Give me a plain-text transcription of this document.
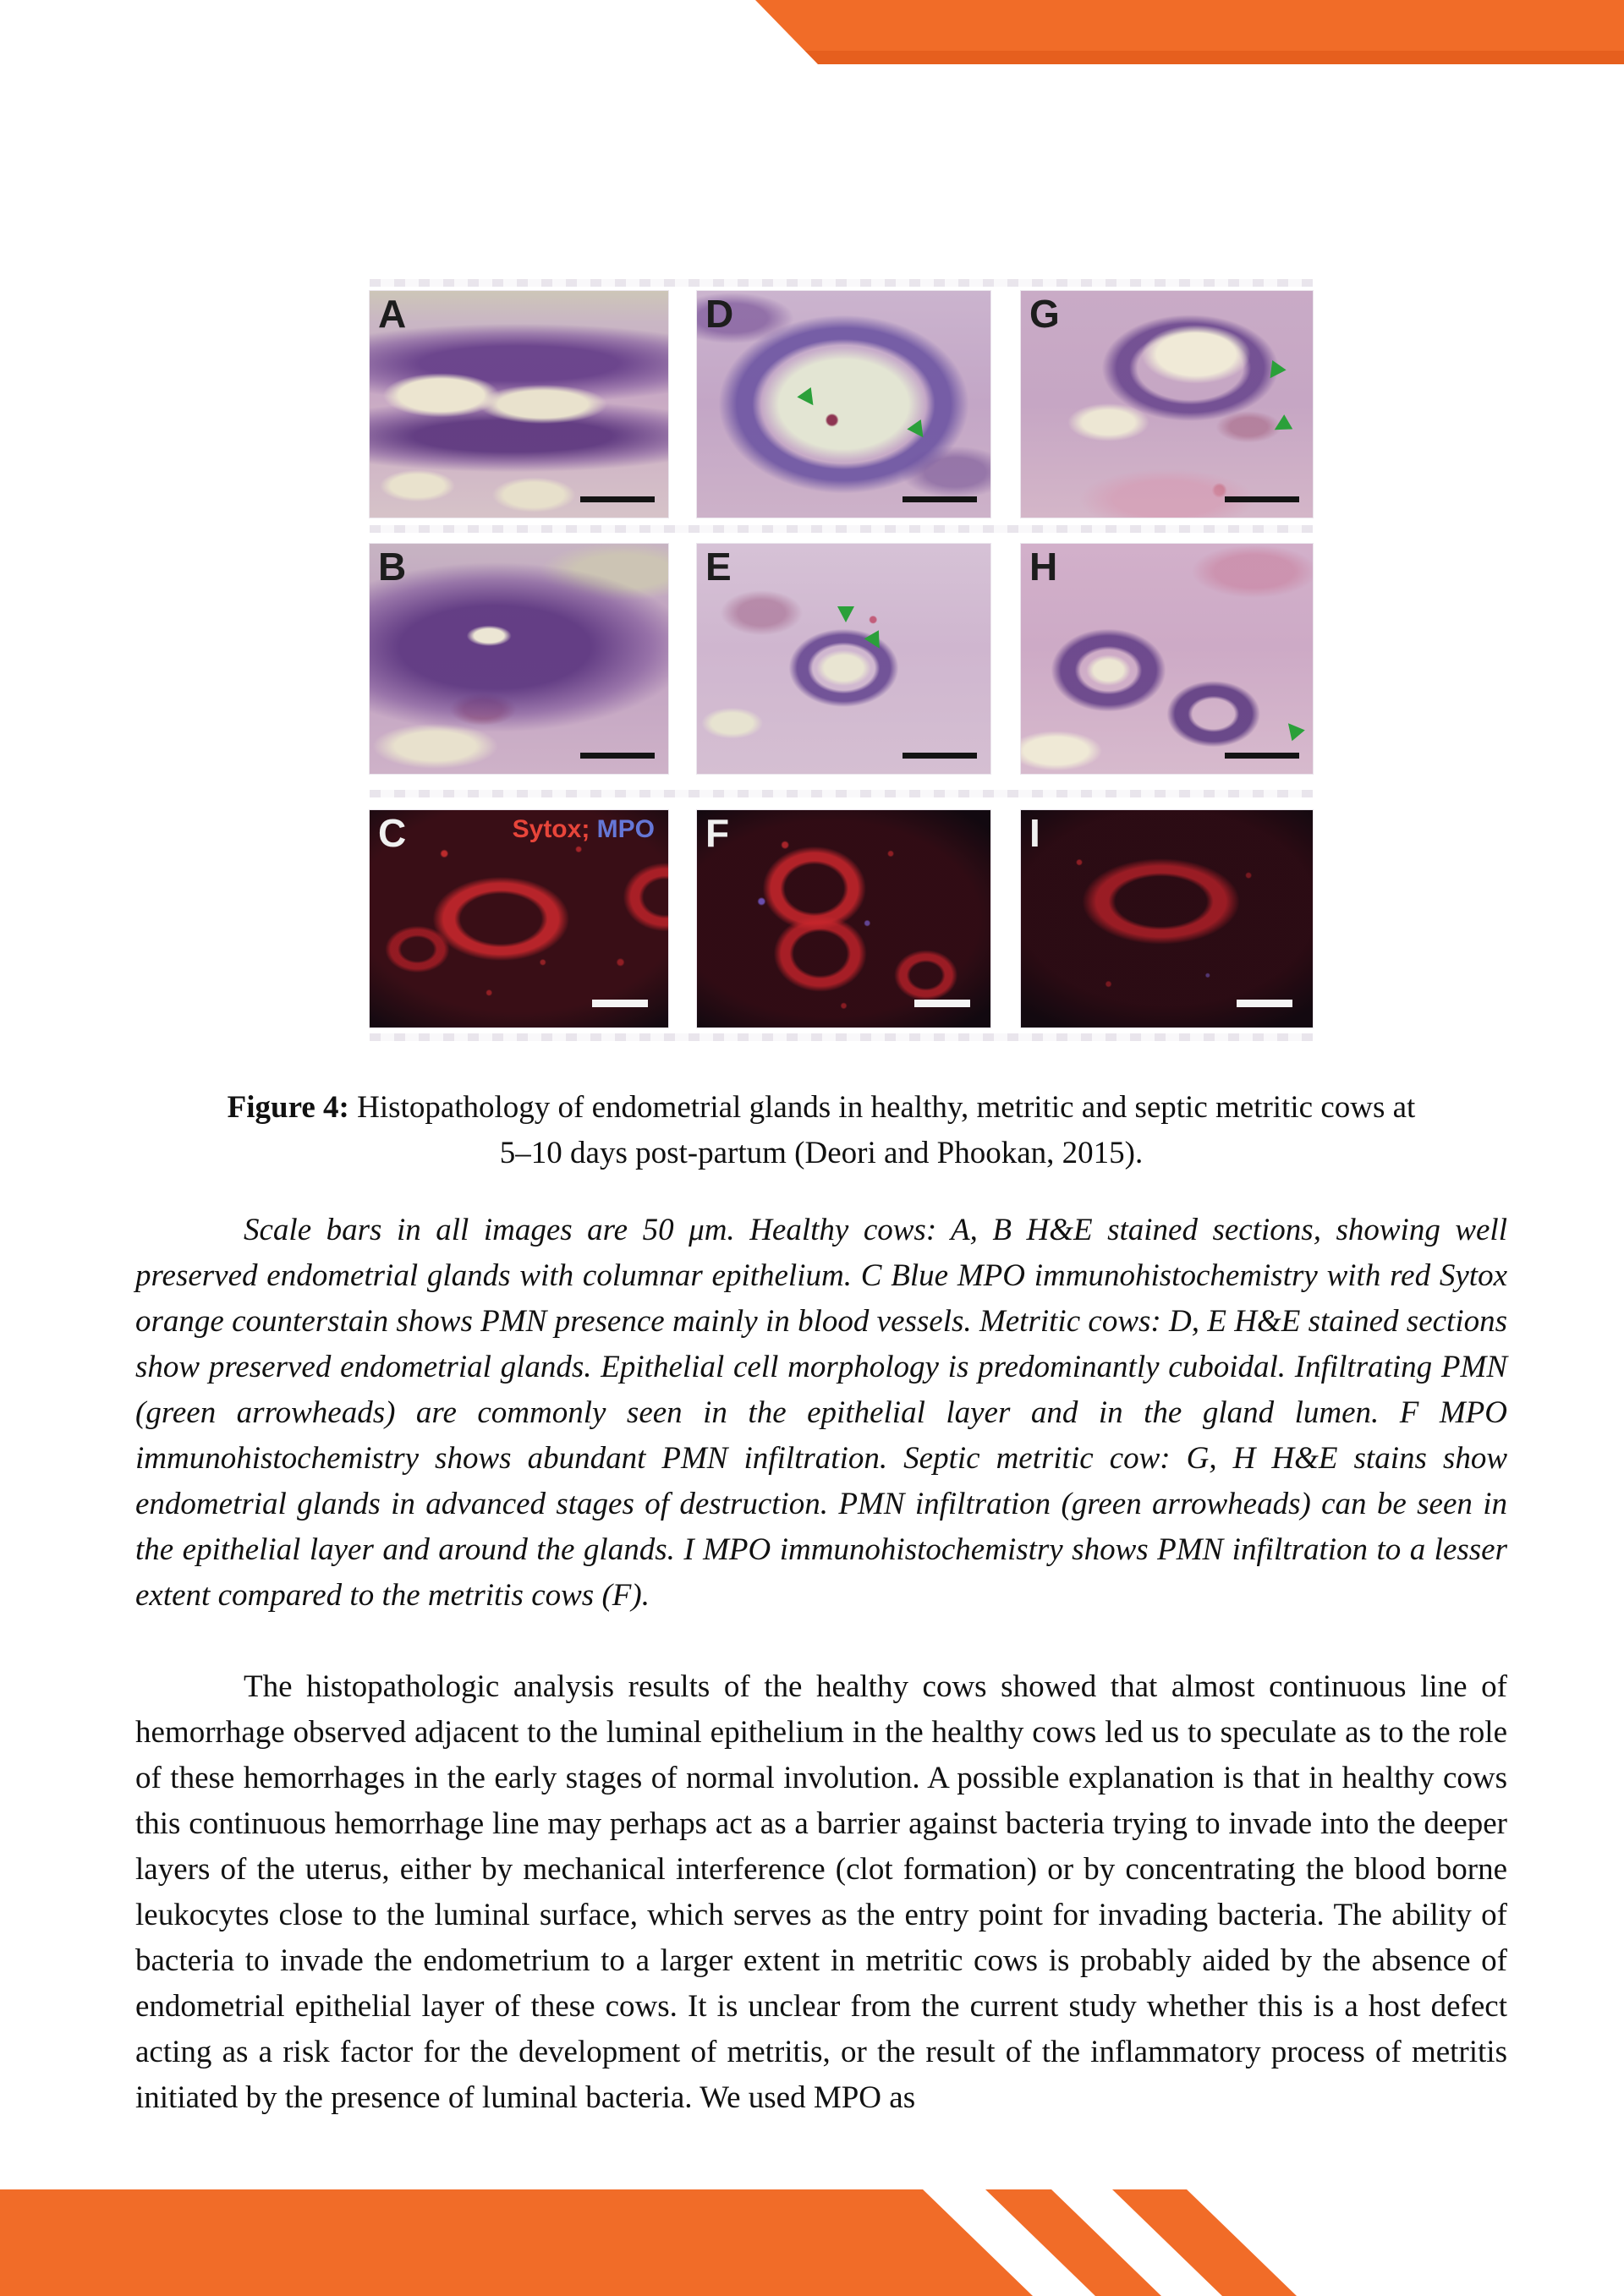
A	D	G
B	E	H
C	Sytox; MPO F	I
Figure 4: Histopathology of endometrial glands in healthy, metritic and septic metritic cows at
5–10 days post-partum (Deori and Phookan, 2015).

Scale bars in all images are 50 μm. Healthy cows: A, B H&E stained sections, showing well preserved endometrial glands with columnar epithelium. C Blue MPO immunohistochemistry with red Sytox orange counterstain shows PMN presence mainly in blood vessels. Metritic cows: D, E H&E stained sections show preserved endometrial glands. Epithelial cell morphology is predominantly cuboidal. Infiltrating PMN (green arrowheads) are commonly seen in the epithelial layer and in the gland lumen. F MPO immunohistochemistry shows abundant PMN infiltration. Septic metritic cow: G, H H&E stains show endometrial glands in advanced stages of destruction. PMN infiltration (green arrowheads) can be seen in the epithelial layer and around the glands. I MPO immunohistochemistry shows PMN infiltration to a lesser extent compared to the metritis cows (F).

The histopathologic analysis results of the healthy cows showed that almost continuous line of hemorrhage observed adjacent to the luminal epithelium in the healthy cows led us to speculate as to the role of these hemorrhages in the early stages of normal involution. A possible explanation is that in healthy cows this continuous hemorrhage line may perhaps act as a barrier against bacteria trying to invade into the deeper layers of the uterus, either by mechanical interference (clot formation) or by concentrating the blood borne leukocytes close to the luminal surface, which serves as the entry point for invading bacteria. The ability of bacteria to invade the endometrium to a larger extent in metritic cows is probably aided by the absence of endometrial epithelial layer of these cows. It is unclear from the current study whether this is a host defect acting as a risk factor for the development of metritis, or the result of the inflammatory process of metritis initiated by the presence of luminal bacteria. We used MPO as
